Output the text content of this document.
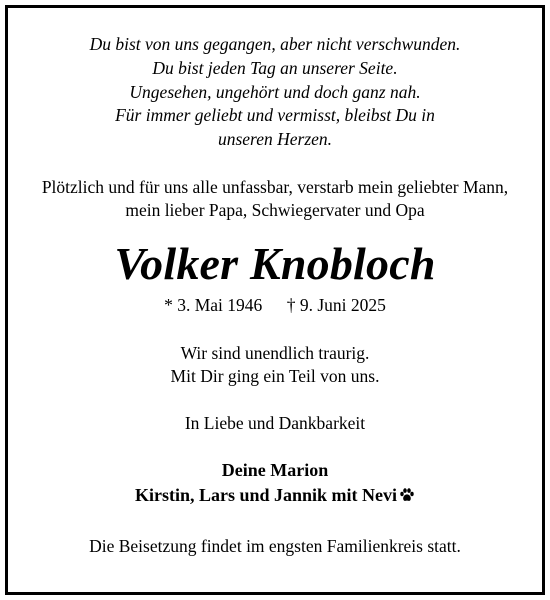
Du bist von uns gegangen, aber nicht verschwunden.
Du bist jeden Tag an unserer Seite.
Ungesehen, ungehört und doch ganz nah.
Für immer geliebt und vermisst, bleibst Du in
unseren Herzen.
Plötzlich und für uns alle unfassbar, verstarb mein geliebter Mann,
mein lieber Papa, Schwiegervater und Opa
Volker Knobloch
* 3. Mai 1946 † 9. Juni 2025
Wir sind unendlich traurig.
Mit Dir ging ein Teil von uns.
In Liebe und Dankbarkeit
Deine Marion
Kirstin, Lars und Jannik mit Nevi
Die Beisetzung findet im engsten Familienkreis statt.
